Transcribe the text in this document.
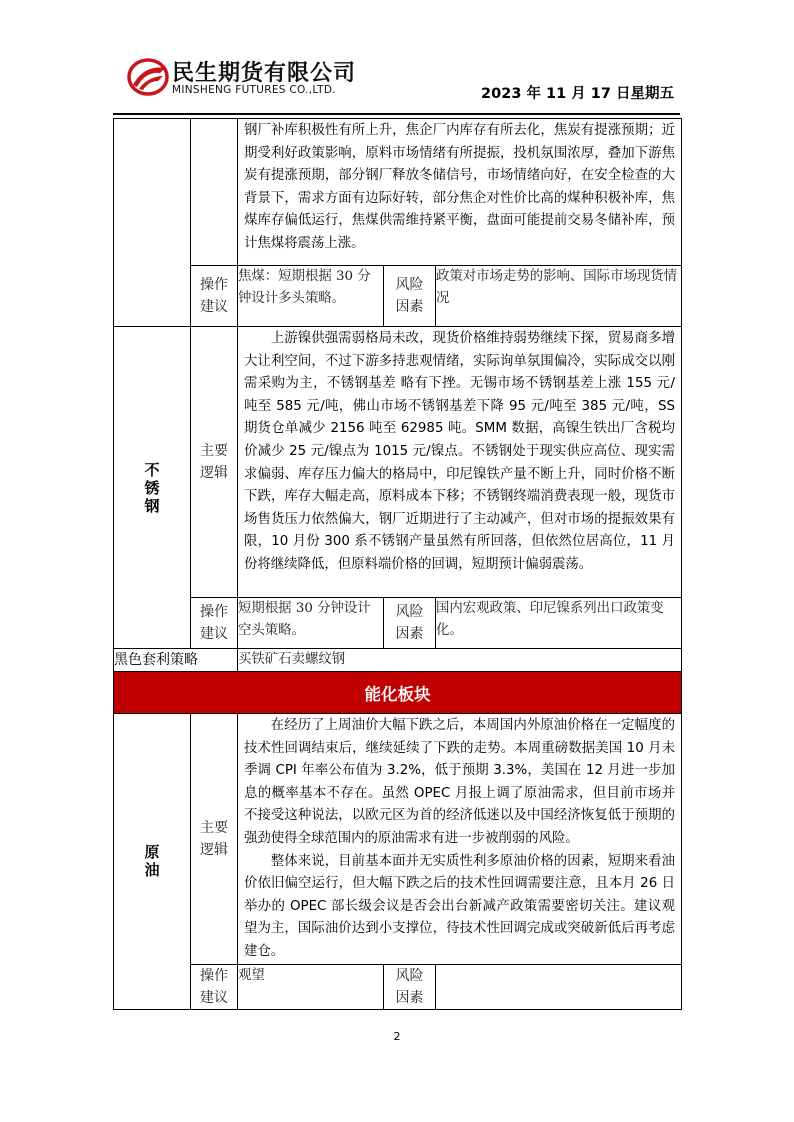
民生期货有限公司
MINSHENG FUTURES CO.,LTD.	2023 年 11 月 17 日星期五

		钢厂补库积极性有所上升，焦企厂内库存有所去化，焦炭有提涨预期；近期受利好政策影响，原料市场情绪有所提振，投机氛围浓厚，叠加下游焦炭有提涨预期，部分钢厂释放冬储信号，市场情绪向好，在安全检查的大背景下，需求方面有边际好转，部分焦企对性价比高的煤种积极补库，焦煤库存偏低运行，焦煤供需维持紧平衡，盘面可能提前交易冬储补库，预计焦煤将震荡上涨。		

	操作建议	焦煤：短期根据 30 分钟设计多头策略。	风险因素	政策对市场走势的影响、国际市场现货情况

不锈钢	主要逻辑	上游镍供强需弱格局未改，现货价格维持弱势继续下探，贸易商多增大让利空间，不过下游多持悲观情绪，实际询单氛围偏冷，实际成交以刚需采购为主，不锈钢基差 略有下挫。无锡市场不锈钢基差上涨 155 元/吨至 585 元/吨，佛山市场不锈钢基差下降 95 元/吨至 385 元/吨，SS 期货仓单减少 2156 吨至 62985 吨。SMM 数据，高镍生铁出厂含税均价减少 25 元/镍点为 1015 元/镍点。不锈钢处于现实供应高位、现实需求偏弱、库存压力偏大的格局中，印尼镍铁产量不断上升，同时价格不断下跌，库存大幅走高，原料成本下移；不锈钢终端消费表现一般，现货市场售货压力依然偏大，钢厂近期进行了主动减产，但对市场的提振效果有限，10 月份 300 系不锈钢产量虽然有所回落，但依然位居高位，11 月份将继续降低，但原料端价格的回调，短期预计偏弱震荡。		

	操作建议	短期根据 30 分钟设计空头策略。	风险因素	国内宏观政策、印尼镍系列出口政策变化。
黑色套利策略		买铁矿石卖螺纹钢		
能化板块				

原油	主要逻辑	在经历了上周油价大幅下跌之后，本周国内外原油价格在一定幅度的技术性回调结束后，继续延续了下跌的走势。本周重磅数据美国 10 月未季调 CPI 年率公布值为 3.2%，低于预期 3.3%，美国在 12 月进一步加息的概率基本不存在。虽然 OPEC 月报上调了原油需求，但目前市场并不接受这种说法，以欧元区为首的经济低迷以及中国经济恢复低于预期的强劲使得全球范围内的原油需求有进一步被削弱的风险。

整体来说，目前基本面并无实质性利多原油价格的因素，短期来看油价依旧偏空运行，但大幅下跌之后的技术性回调需要注意，且本月 26 日举办的 OPEC 部长级会议是否会出台新减产政策需要密切关注。建议观望为主，国际油价达到小支撑位，待技术性回调完成或突破新低后再考虑建仓。		

	操作建议	观望	风险因素	

2
